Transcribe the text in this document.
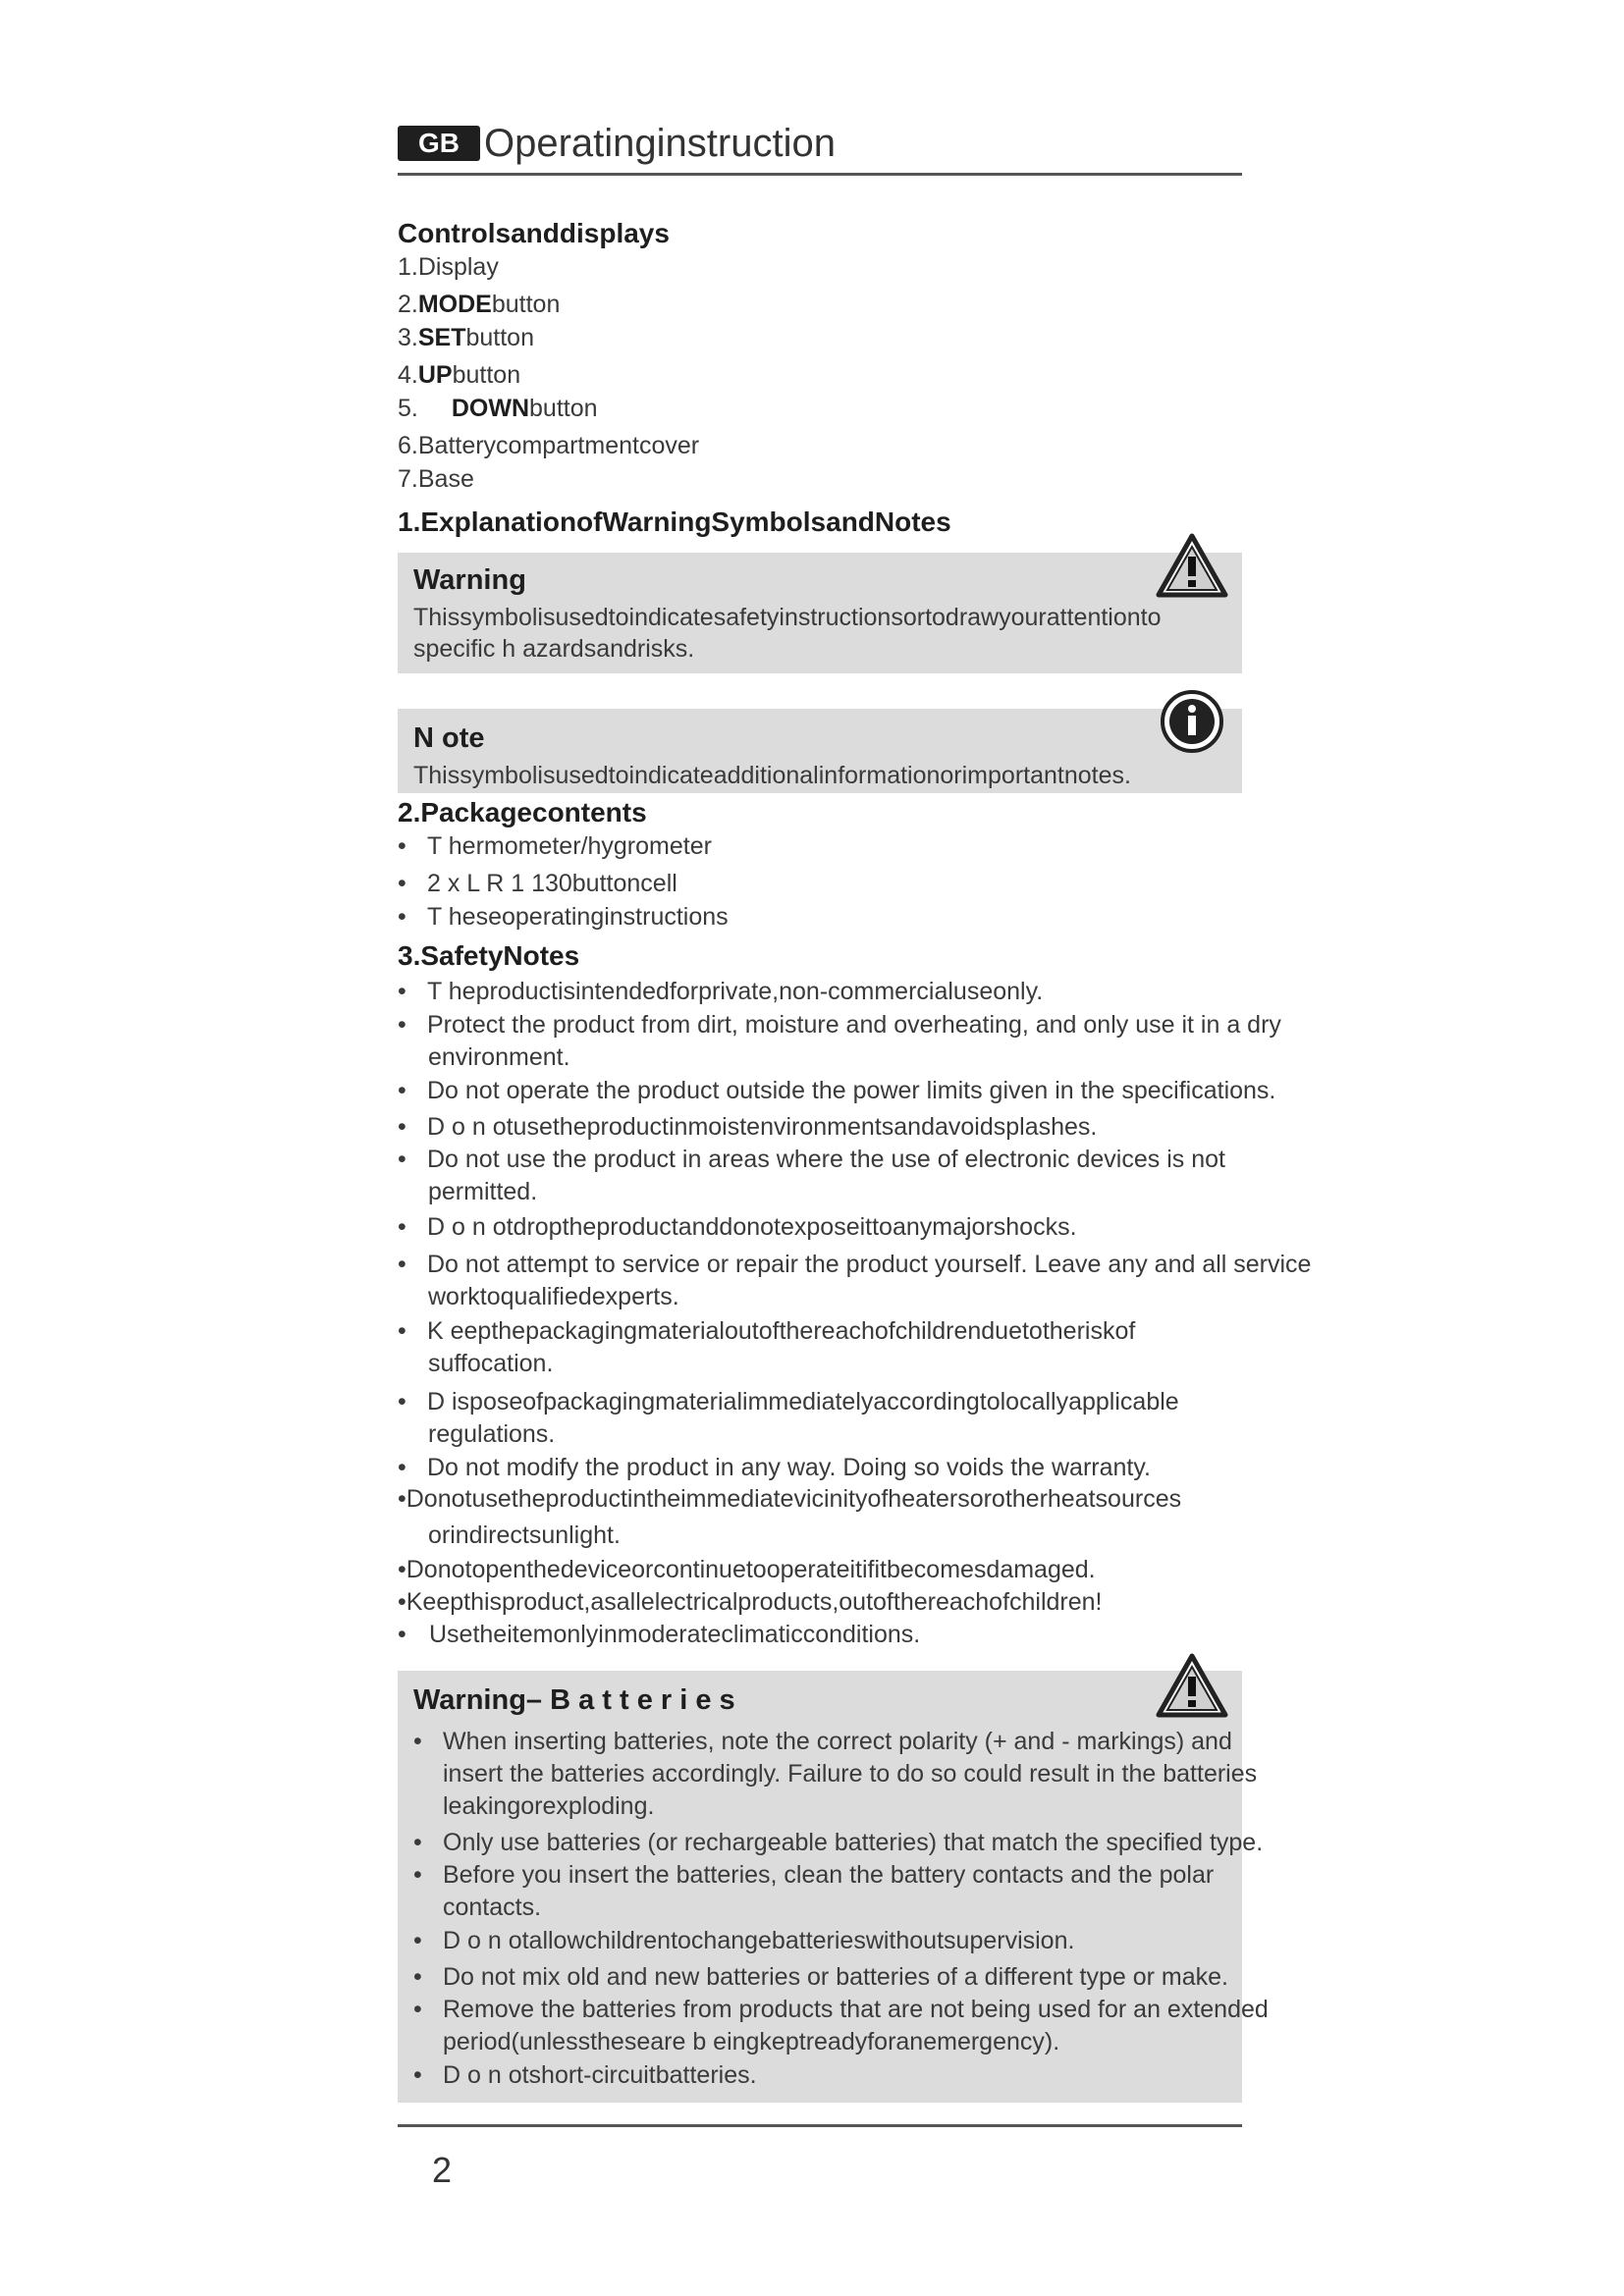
GB Operatinginstruction
Controlsanddisplays
1.Display
2.MODEbutton
3.SETbutton
4.UPbutton
5. DOWNbutton
6.Batterycompartmentcover
7.Base
1.ExplanationofWarningSymbolsandNotes
Warning
Thissymbolisusedtoindicatesafetyinstructionsortodrawyourattentionto
specific h azardsandrisks.
N ote
Thissymbolisusedtoindicateadditionalinformationorimportantnotes.
2.Packagecontents
• T hermometer/hygrometer
• 2 x L R 1 130buttoncell
• T heseoperatinginstructions
3.SafetyNotes
• T heproductisintendedforprivate,non-commercialuseonly.
• Protect the product from dirt, moisture and overheating, and only use it in a dry
environment.
• Do not operate the product outside the power limits given in the specifications.
• D o n otusetheproductinmoistenvironmentsandavoidsplashes.
• Do not use the product in areas where the use of electronic devices is not
permitted.
• D o n otdroptheproductanddonotexposeittoanymajorshocks.
• Do not attempt to service or repair the product yourself. Leave any and all service
worktoqualifiedexperts.
• K eepthepackagingmaterialoutofthereachofchildrenduetotheriskof
suffocation.
• D isposeofpackagingmaterialimmediatelyaccordingtolocallyapplicable
regulations.
• Do not modify the product in any way. Doing so voids the warranty.
•Donotusetheproductintheimmediatevicinityofheatersorotherheatsources
orindirectsunlight.
•Donotopenthedeviceorcontinuetooperateitifitbecomesdamaged.
•Keepthisproduct,asallelectricalproducts,outofthereachofchildren!
• Usetheitemonlyinmoderateclimaticconditions.
Warning– B a t t e r i e s
• When inserting batteries, note the correct polarity (+ and - markings) and
insert the batteries accordingly. Failure to do so could result in the batteries
leakingorexploding.
• Only use batteries (or rechargeable batteries) that match the specified type.
• Before you insert the batteries, clean the battery contacts and the polar
contacts.
• D o n otallowchildrentochangebatterieswithoutsupervision.
• Do not mix old and new batteries or batteries of a different type or make.
• Remove the batteries from products that are not being used for an extended
period(unlesstheseare b eingkeptreadyforanemergency).
• D o n otshort-circuitbatteries.
2
